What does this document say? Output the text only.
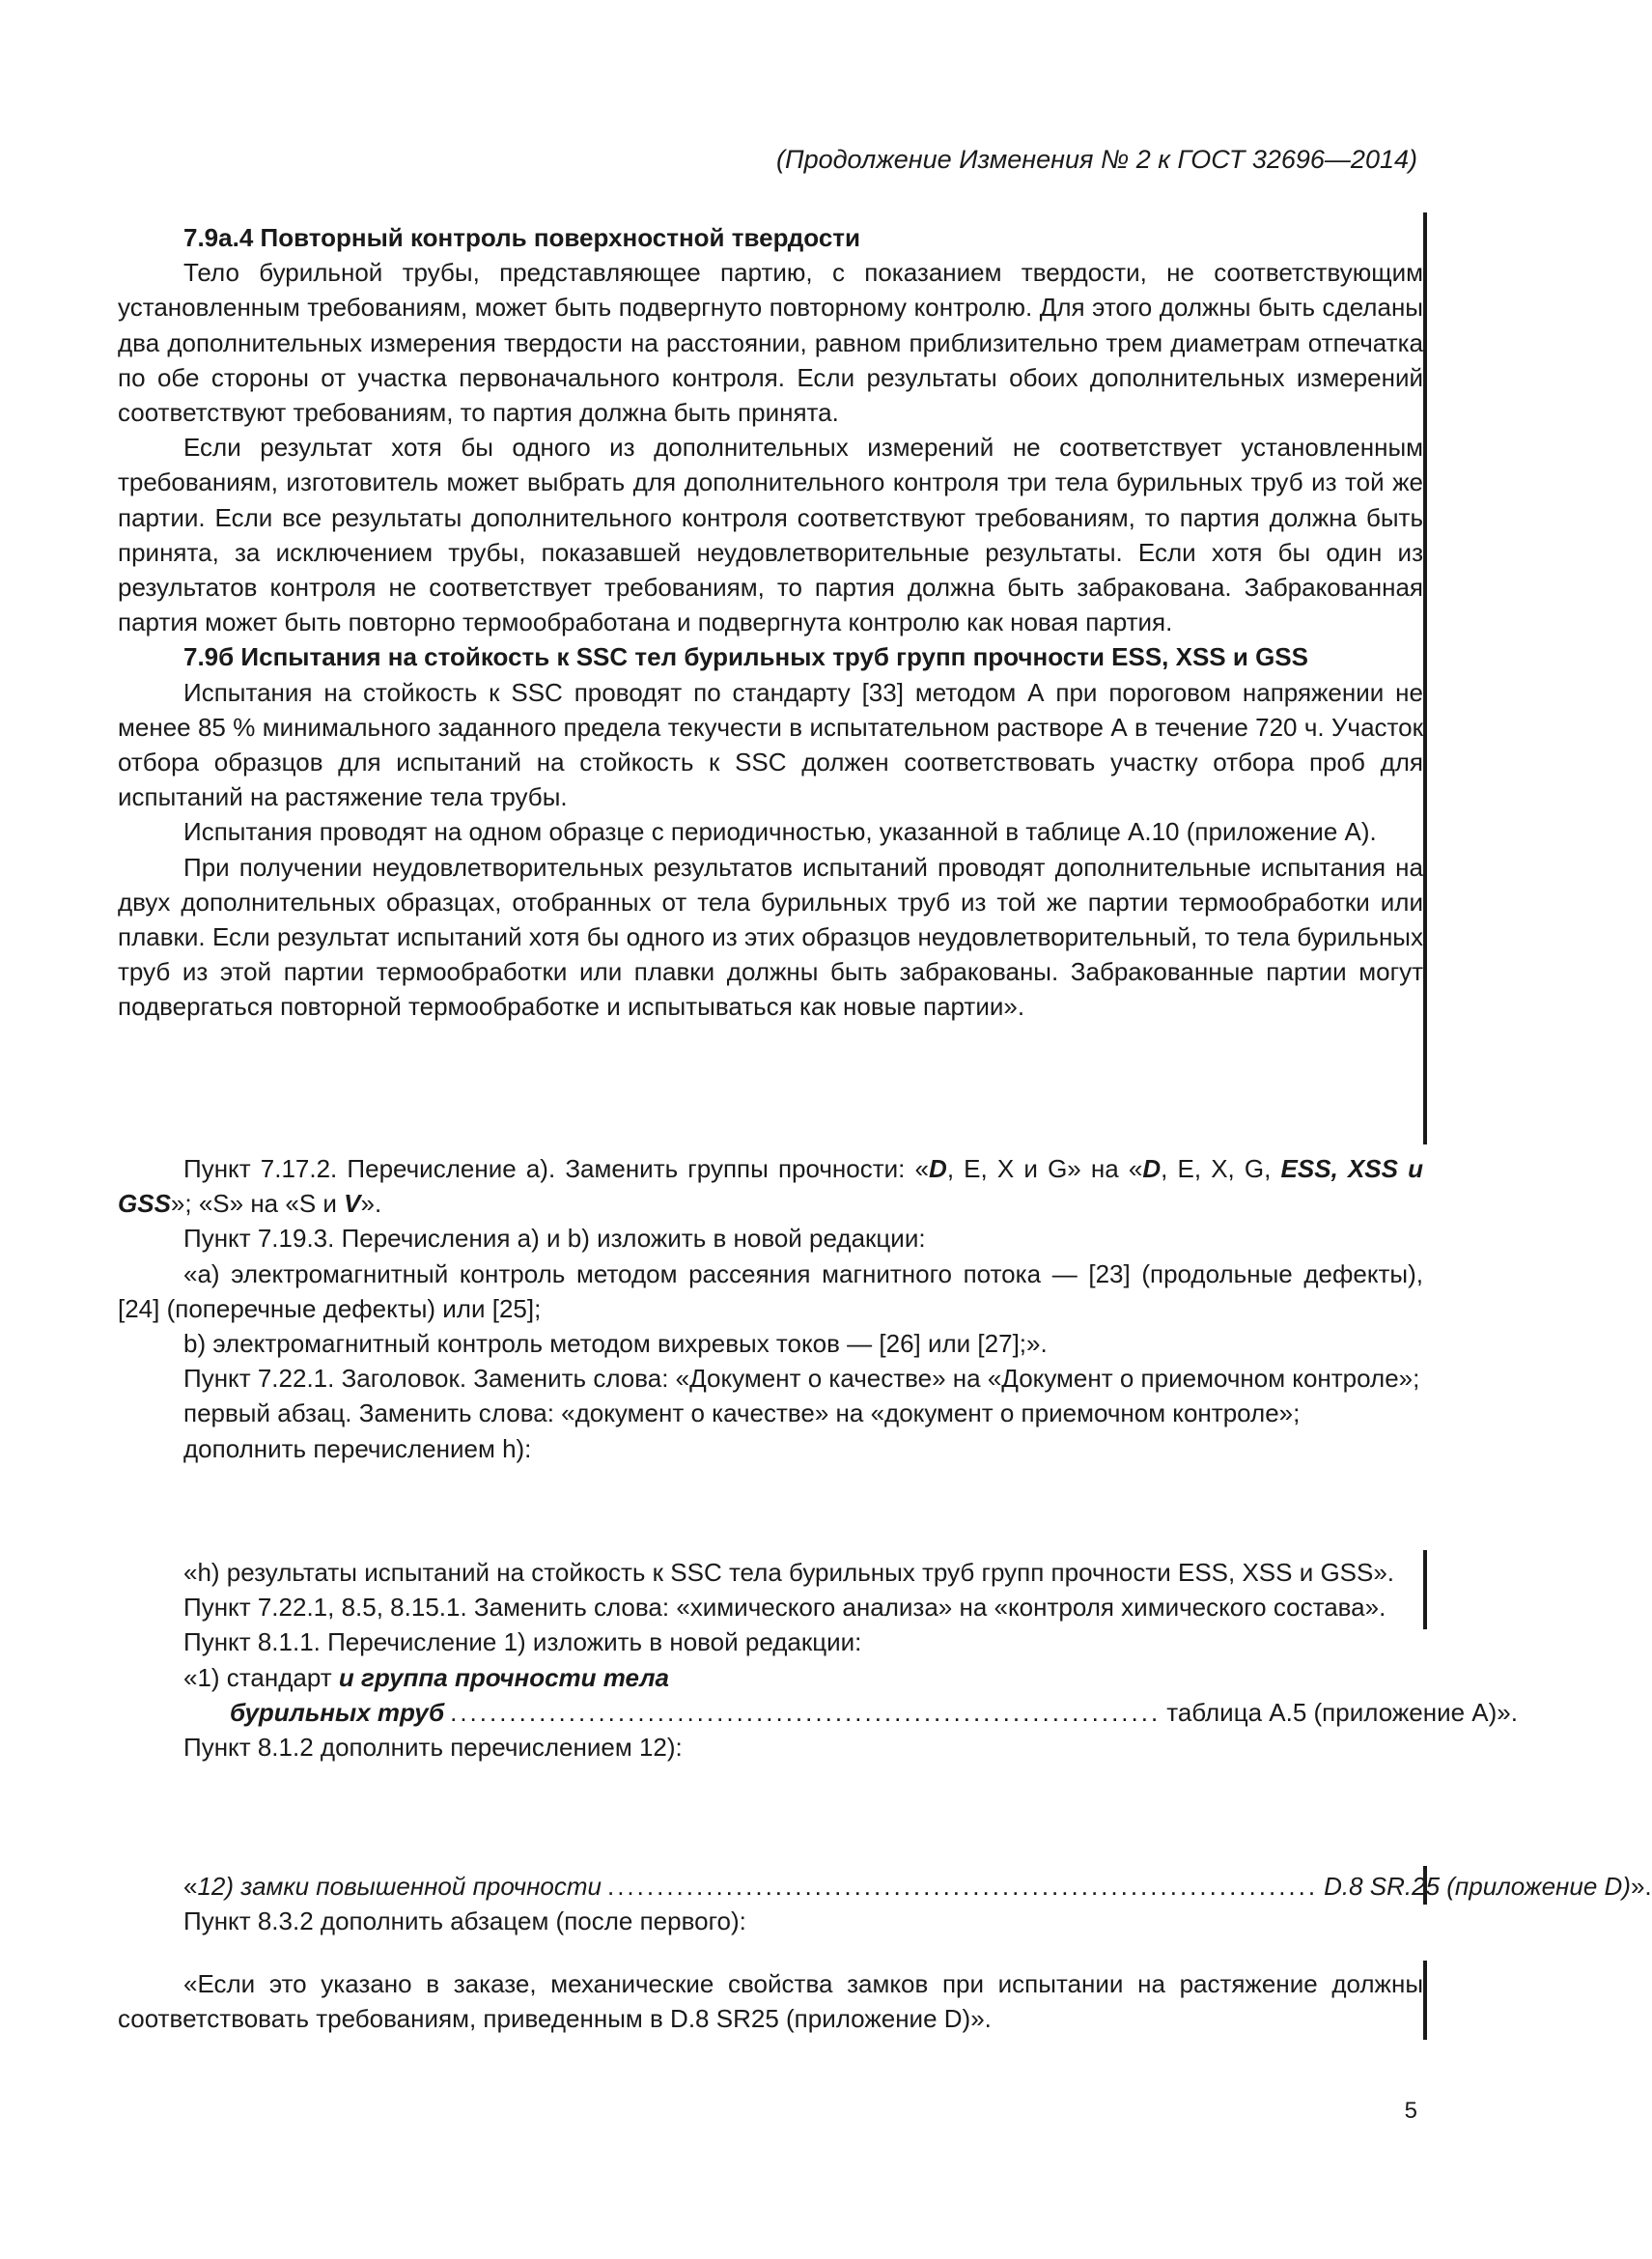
(Продолжение Изменения № 2 к ГОСТ 32696—2014)

7.9а.4 Повторный контроль поверхностной твердости

Тело бурильной трубы, представляющее партию, с показанием твердости, не соответствующим установленным требованиям, может быть подвергнуто повторному контролю. Для этого должны быть сделаны два дополнительных измерения твердости на расстоянии, равном приблизительно трем диаметрам отпечатка по обе стороны от участка первоначального контроля. Если результаты обоих дополнительных измерений соответствуют требованиям, то партия должна быть принята.

Если результат хотя бы одного из дополнительных измерений не соответствует установленным требованиям, изготовитель может выбрать для дополнительного контроля три тела бурильных труб из той же партии. Если все результаты дополнительного контроля соответствуют требованиям, то партия должна быть принята, за исключением трубы, показавшей неудовлетворительные результаты. Если хотя бы один из результатов контроля не соответствует требованиям, то партия должна быть забракована. Забракованная партия может быть повторно термообработана и подвергнута контролю как новая партия.

7.9б Испытания на стойкость к SSC тел бурильных труб групп прочности ESS, XSS и GSS

Испытания на стойкость к SSC проводят по стандарту [33] методом А при пороговом напряжении не менее 85 % минимального заданного предела текучести в испытательном растворе А в течение 720 ч. Участок отбора образцов для испытаний на стойкость к SSC должен соответствовать участку отбора проб для испытаний на растяжение тела трубы.

Испытания проводят на одном образце с периодичностью, указанной в таблице А.10 (приложение А).

При получении неудовлетворительных результатов испытаний проводят дополнительные испытания на двух дополнительных образцах, отобранных от тела бурильных труб из той же партии термообработки или плавки. Если результат испытаний хотя бы одного из этих образцов неудовлетворительный, то тела бурильных труб из этой партии термообработки или плавки должны быть забракованы. Забракованные партии могут подвергаться повторной термообработке и испытываться как новые партии».

Пункт 7.17.2. Перечисление а). Заменить группы прочности: «D, E, X и G» на «D, E, X, G, ESS, XSS и GSS»; «S» на «S и V».

Пункт 7.19.3. Перечисления а) и b) изложить в новой редакции:

«а) электромагнитный контроль методом рассеяния магнитного потока — [23] (продольные дефекты), [24] (поперечные дефекты) или [25];

b) электромагнитный контроль методом вихревых токов — [26] или [27];».

Пункт 7.22.1. Заголовок. Заменить слова: «Документ о качестве» на «Документ о приемочном контроле»;

первый абзац. Заменить слова: «документ о качестве» на «документ о приемочном контроле»;

дополнить перечислением h):

«h) результаты испытаний на стойкость к SSC тела бурильных труб групп прочности ESS, XSS и GSS».

Пункт 7.22.1, 8.5, 8.15.1. Заменить слова: «химического анализа» на «контроля химического состава».

Пункт 8.1.1. Перечисление 1) изложить в новой редакции:

«1) стандарт и группа прочности тела

бурильных труб ........................................................................ таблица А.5 (приложение А)».

Пункт 8.1.2 дополнить перечислением 12):

« 12) замки повышенной прочности ........................................................................ D.8 SR.25 (приложение D) ».

Пункт 8.3.2 дополнить абзацем (после первого):

«Если это указано в заказе, механические свойства замков при испытании на растяжение должны соответствовать требованиям, приведенным в D.8 SR25 (приложение D)».

5
